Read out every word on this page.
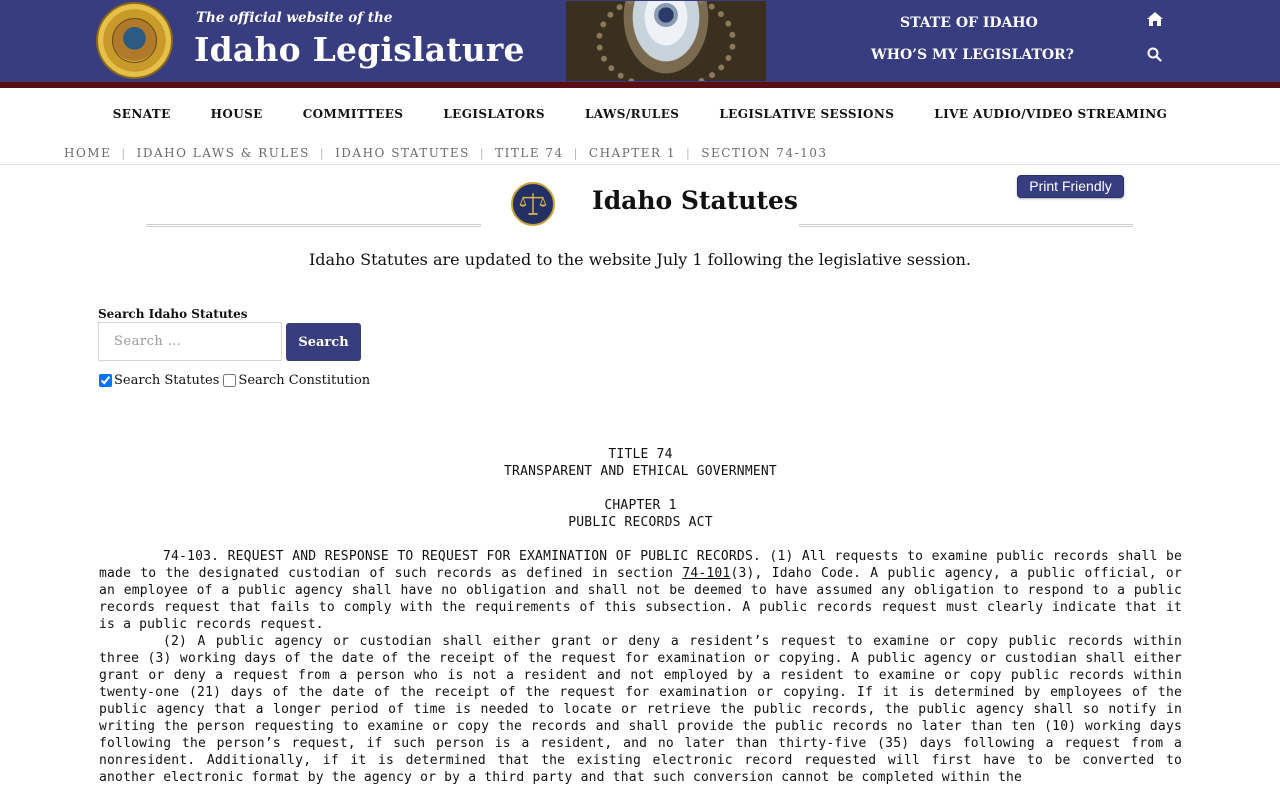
The official website of the
Idaho Legislature
STATE OF IDAHO
WHO’S MY LEGISLATOR?
SENATE	HOUSE	COMMITTEES	LEGISLATORS	LAWS/RULES	LEGISLATIVE SESSIONS	LIVE AUDIO/VIDEO STREAMING
HOME | IDAHO LAWS & RULES | IDAHO STATUTES | TITLE 74 | CHAPTER 1 | SECTION 74-103
Idaho Statutes	Print Friendly
Idaho Statutes are updated to the website July 1 following the legislative session.
Search Idaho Statutes
Search …
Search
Search Statutes Search Constitution
TITLE 74
TRANSPARENT AND ETHICAL GOVERNMENT
CHAPTER 1
PUBLIC RECORDS ACT
74-103. REQUEST AND RESPONSE TO REQUEST FOR EXAMINATION OF PUBLIC RECORDS. (1) All requests to examine public records shall be made to the designated custodian of such records as defined in section 74-101(3), Idaho Code. A public agency, a public official, or an employee of a public agency shall have no obligation and shall not be deemed to have assumed any obligation to respond to a public records request that fails to comply with the requirements of this subsection. A public records request must clearly indicate that it is a public records request.
(2) A public agency or custodian shall either grant or deny a resident’s request to examine or copy public records within three (3) working days of the date of the receipt of the request for examination or copying. A public agency or custodian shall either grant or deny a request from a person who is not a resident and not employed by a resident to examine or copy public records within twenty-one (21) days of the date of the receipt of the request for examination or copying. If it is determined by employees of the public agency that a longer period of time is needed to locate or retrieve the public records, the public agency shall so notify in writing the person requesting to examine or copy the records and shall provide the public records no later than ten (10) working days following the person’s request, if such person is a resident, and no later than thirty-five (35) days following a request from a nonresident. Additionally, if it is determined that the existing electronic record requested will first have to be converted to another electronic format by the agency or by a third party and that such conversion cannot be completed within the
